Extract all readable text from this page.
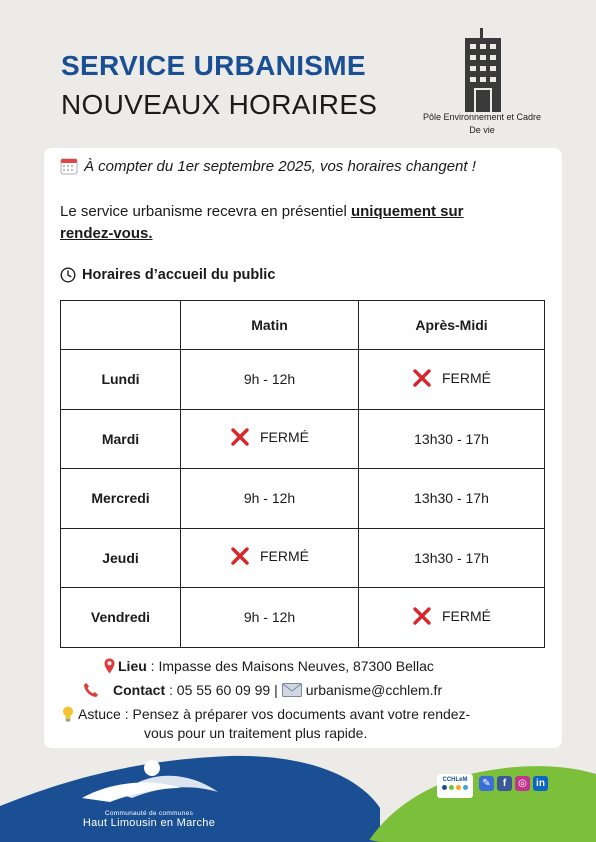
SERVICE URBANISME
NOUVEAUX HORAIRES	Pôle Environnement et Cadre De vie
À compter du 1er septembre 2025, vos horaires changent !
Le service urbanisme recevra en présentiel uniquement sur rendez-vous.
Horaires d’accueil du public
	Matin	Après-Midi
Lundi	9h - 12h	FERMÉ

Mardi	FERMÉ	13h30 - 17h
Mercredi	9h - 12h	13h30 - 17h
Jeudi	FERMÉ	13h30 - 17h
Vendredi	9h - 12h	FERMÉ
Lieu
: Impasse des Maisons Neuves, 87300 Bellac
Contact
: 05 55 60 09 99 | urbanisme@cchlem.fr
Astuce :
Pensez à préparer vos documents avant votre rendez-
vous pour un traitement plus rapide.
Communauté de communes
Haut Limousin en Marche
CCHLeM	✎	f	◎ in
